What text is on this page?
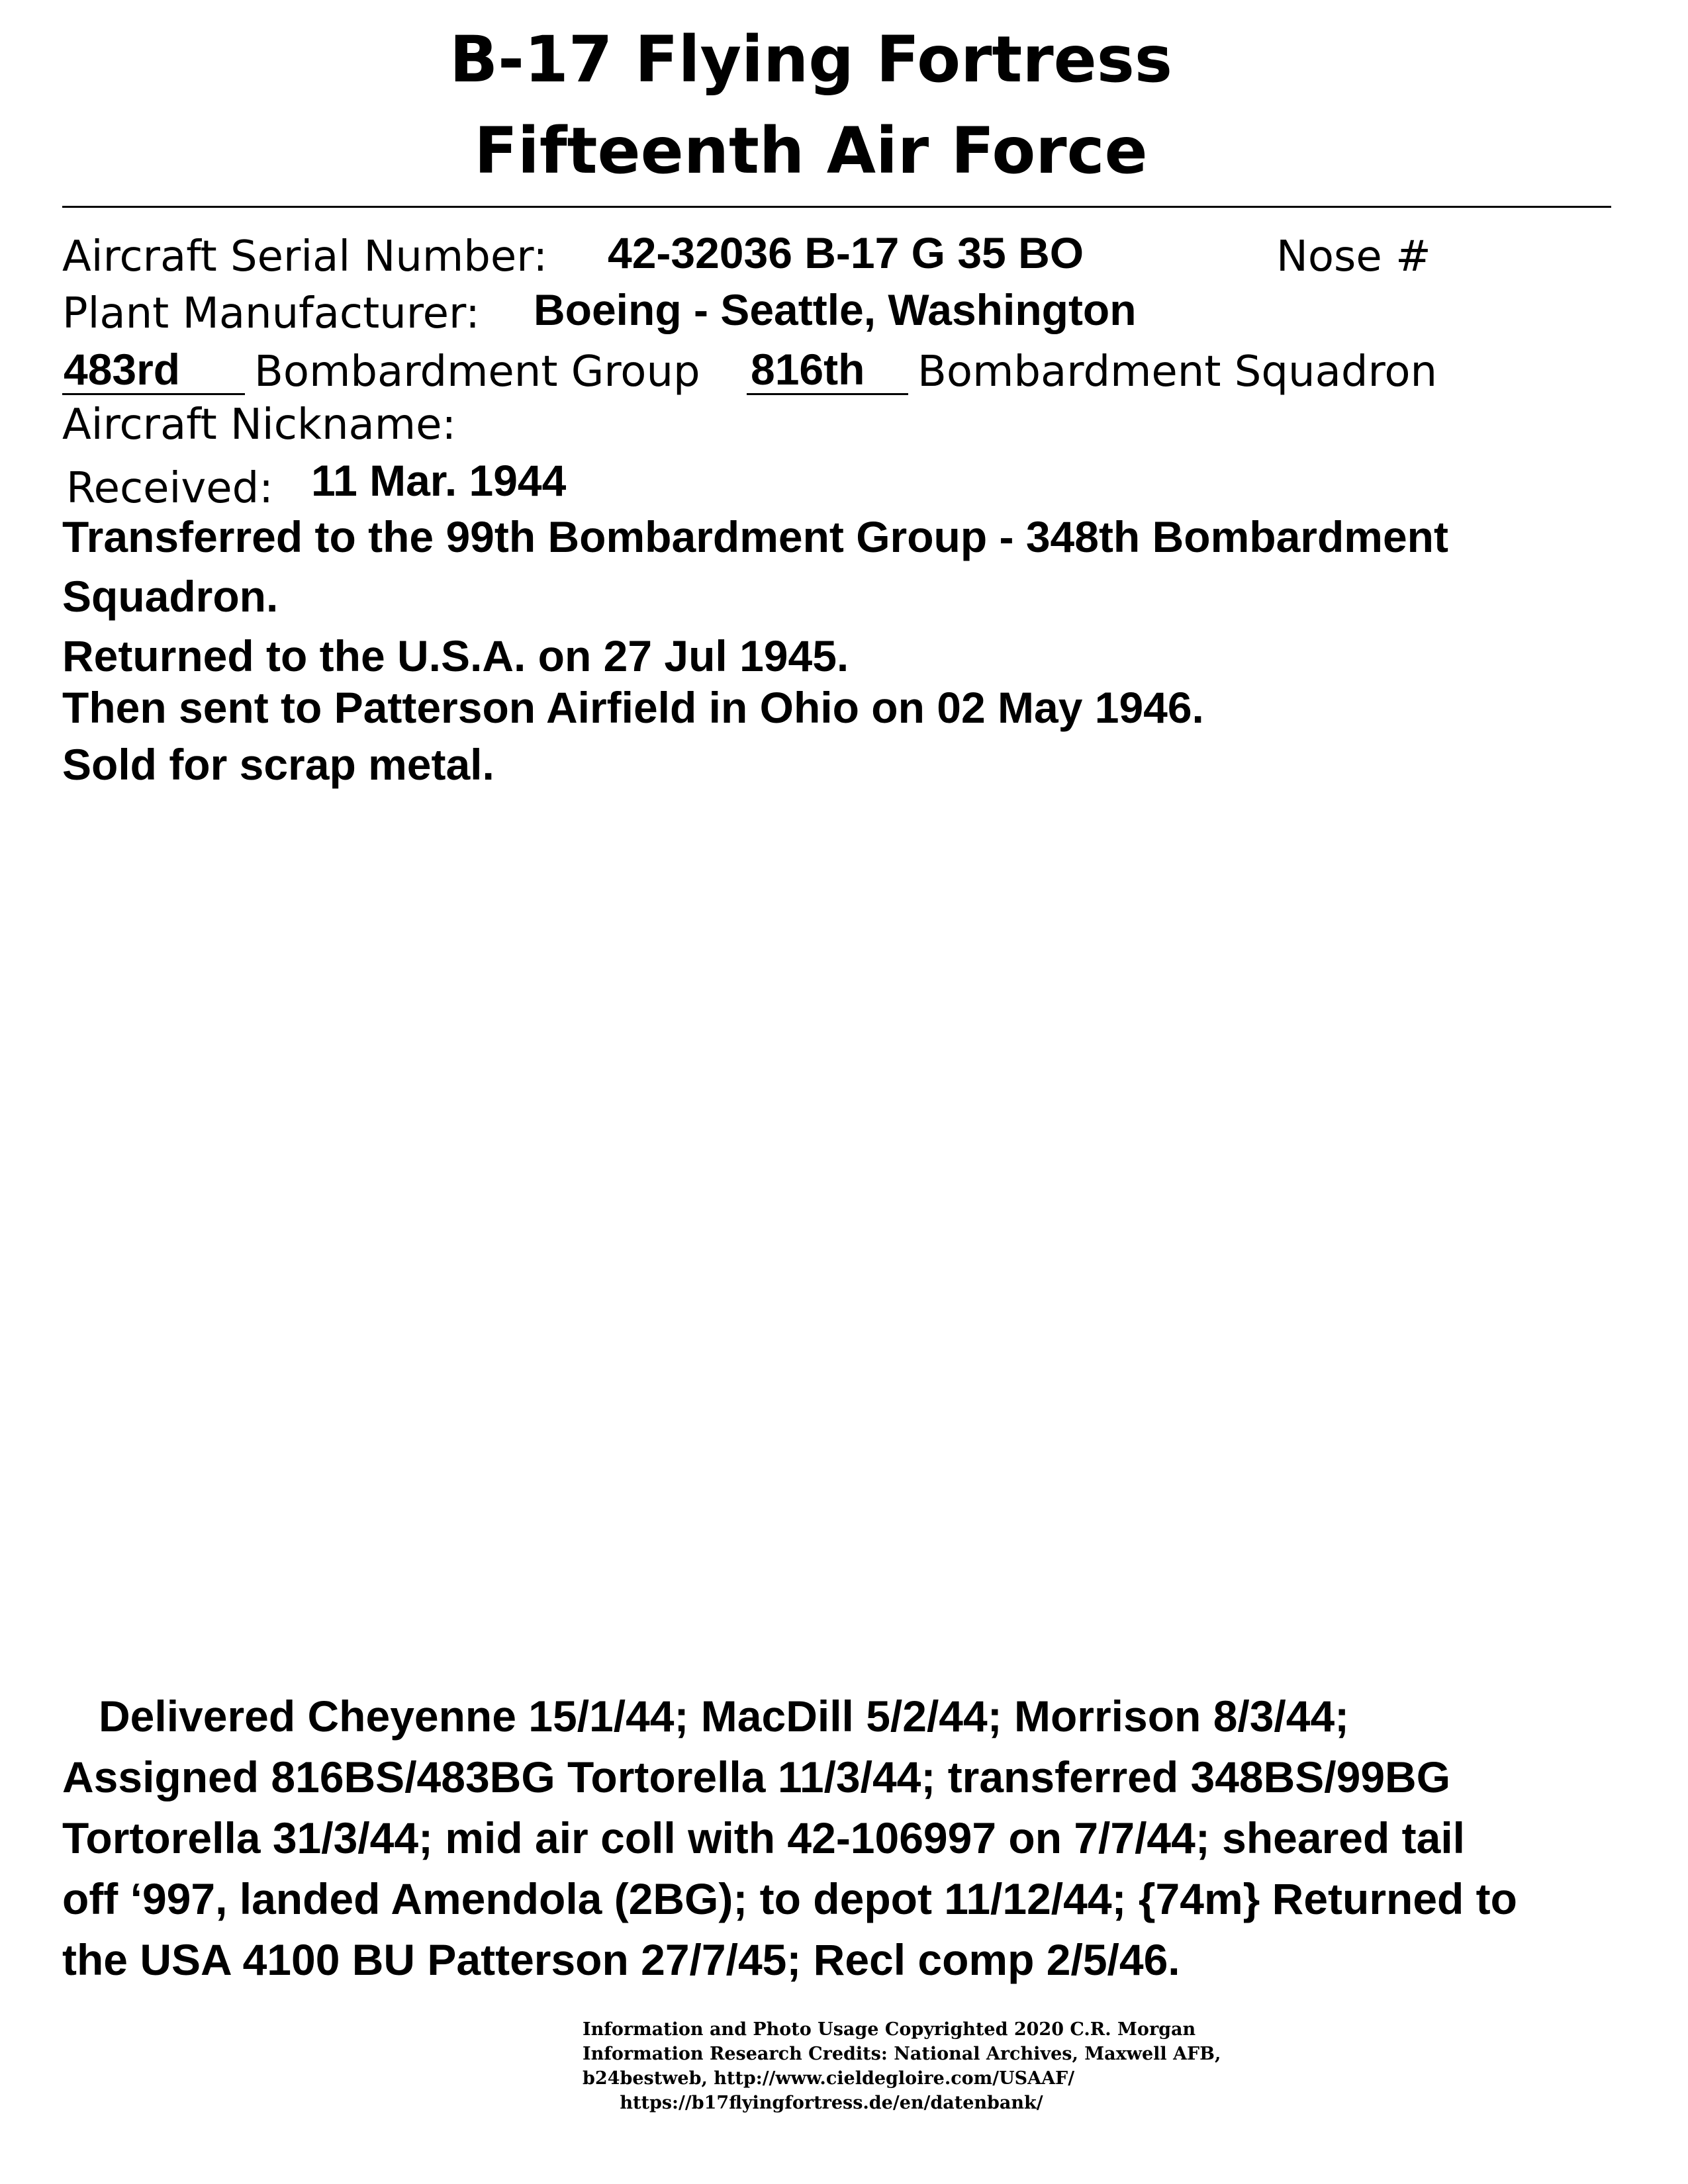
B-17 Flying Fortress
Fifteenth Air Force
Aircraft Serial Number: 42-32036 B-17 G 35 BO	Nose #
Plant Manufacturer: Boeing - Seattle, Washington
483rd Bombardment Group 816th Bombardment Squadron
Aircraft Nickname:
Received: 11 Mar. 1944

Transferred to the 99th Bombardment Group - 348th Bombardment

Squadron.

Returned to the U.S.A. on 27 Jul 1945.

Then sent to Patterson Airfield in Ohio on 02 May 1946.

Sold for scrap metal.

Delivered Cheyenne 15/1/44; MacDill 5/2/44; Morrison 8/3/44;

Assigned 816BS/483BG Tortorella 11/3/44; transferred 348BS/99BG

Tortorella 31/3/44; mid air coll with 42-106997 on 7/7/44; sheared tail

off ‘997, landed Amendola (2BG); to depot 11/12/44; {74m} Returned to

the USA 4100 BU Patterson 27/7/45; Recl comp 2/5/46.

Information and Photo Usage Copyrighted 2020 C.R. Morgan
Information Research Credits: National Archives, Maxwell AFB,
b24bestweb, http://www.cieldegloire.com/USAAF/
https://b17flyingfortress.de/en/datenbank/
